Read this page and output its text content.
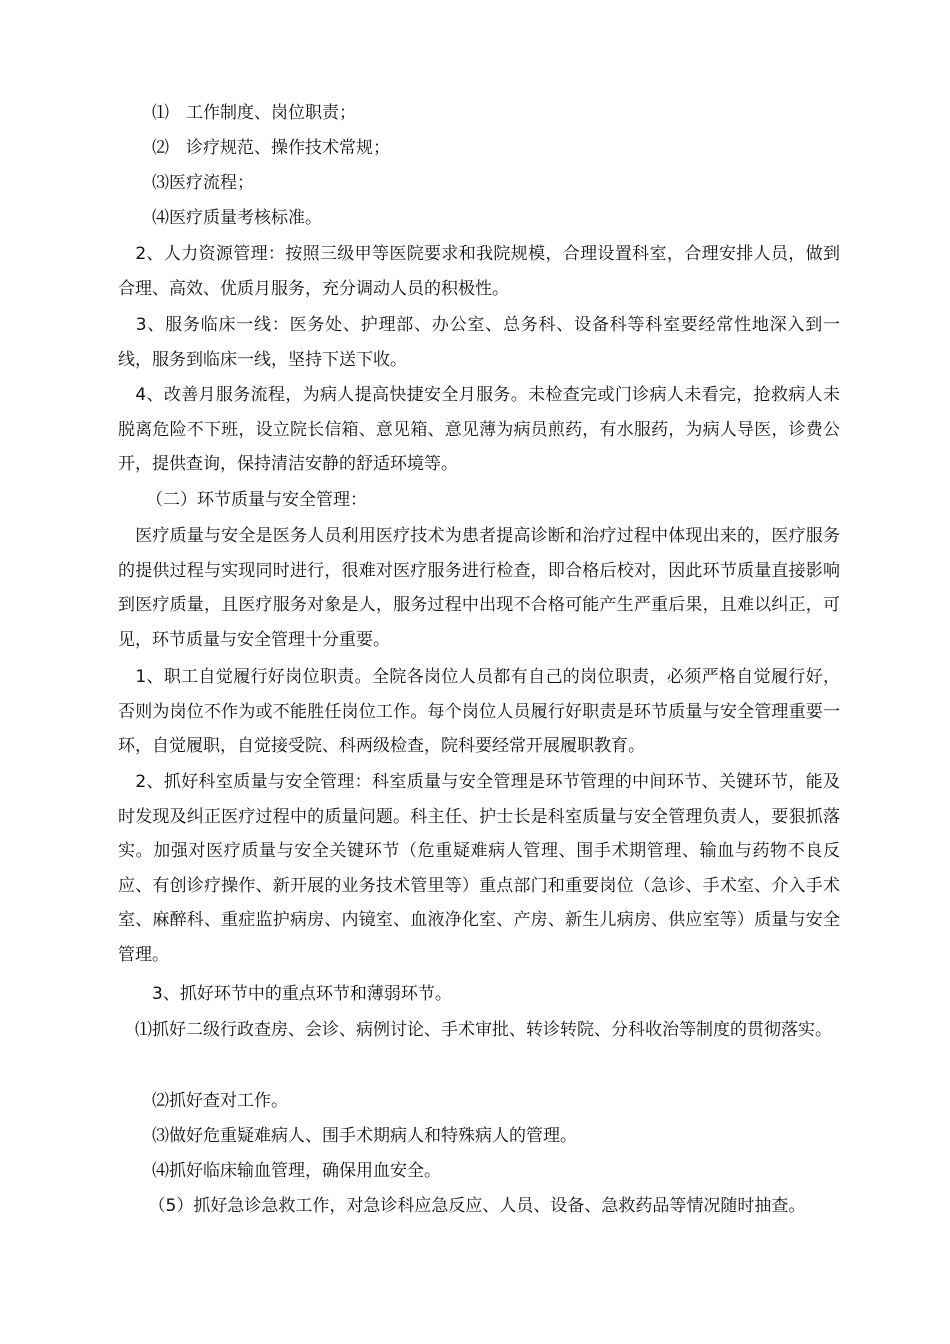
⑴　工作制度、岗位职责；

⑵　诊疗规范、操作技术常规；

⑶医疗流程；

⑷医疗质量考核标准。

　2、人力资源管理：按照三级甲等医院要求和我院规模，合理设置科室，合理安排人员，做到合理、高效、优质月服务，充分调动人员的积极性。

　3、服务临床一线：医务处、护理部、办公室、总务科、设备科等科室要经常性地深入到一线，服务到临床一线，坚持下送下收。

　4、改善月服务流程，为病人提高快捷安全月服务。未检查完或门诊病人未看完，抢救病人未脱离危险不下班，设立院长信箱、意见箱、意见薄为病员煎药，有水服药，为病人导医，诊费公开，提供查询，保持清洁安静的舒适环境等。

（二）环节质量与安全管理：

　医疗质量与安全是医务人员利用医疗技术为患者提高诊断和治疗过程中体现出来的，医疗服务的提供过程与实现同时进行，很难对医疗服务进行检查，即合格后校对，因此环节质量直接影响到医疗质量，且医疗服务对象是人，服务过程中出现不合格可能产生严重后果，且难以纠正，可见，环节质量与安全管理十分重要。

　1、职工自觉履行好岗位职责。全院各岗位人员都有自己的岗位职责，必须严格自觉履行好，否则为岗位不作为或不能胜任岗位工作。每个岗位人员履行好职责是环节质量与安全管理重要一环，自觉履职，自觉接受院、科两级检查，院科要经常开展履职教育。

　2、抓好科室质量与安全管理：科室质量与安全管理是环节管理的中间环节、关键环节，能及时发现及纠正医疗过程中的质量问题。科主任、护士长是科室质量与安全管理负责人，要狠抓落实。加强对医疗质量与安全关键环节（危重疑难病人管理、围手术期管理、输血与药物不良反应、有创诊疗操作、新开展的业务技术管里等）重点部门和重要岗位（急诊、手术室、介入手术室、麻醉科、重症监护病房、内镜室、血液净化室、产房、新生儿病房、供应室等）质量与安全管理。

3、抓好环节中的重点环节和薄弱环节。

　⑴抓好二级行政查房、会诊、病例讨论、手术审批、转诊转院、分科收治等制度的贯彻落实。

⑵抓好查对工作。

⑶做好危重疑难病人、围手术期病人和特殊病人的管理。

⑷抓好临床输血管理，确保用血安全。

　（5）抓好急诊急救工作，对急诊科应急反应、人员、设备、急救药品等情况随时抽查。
